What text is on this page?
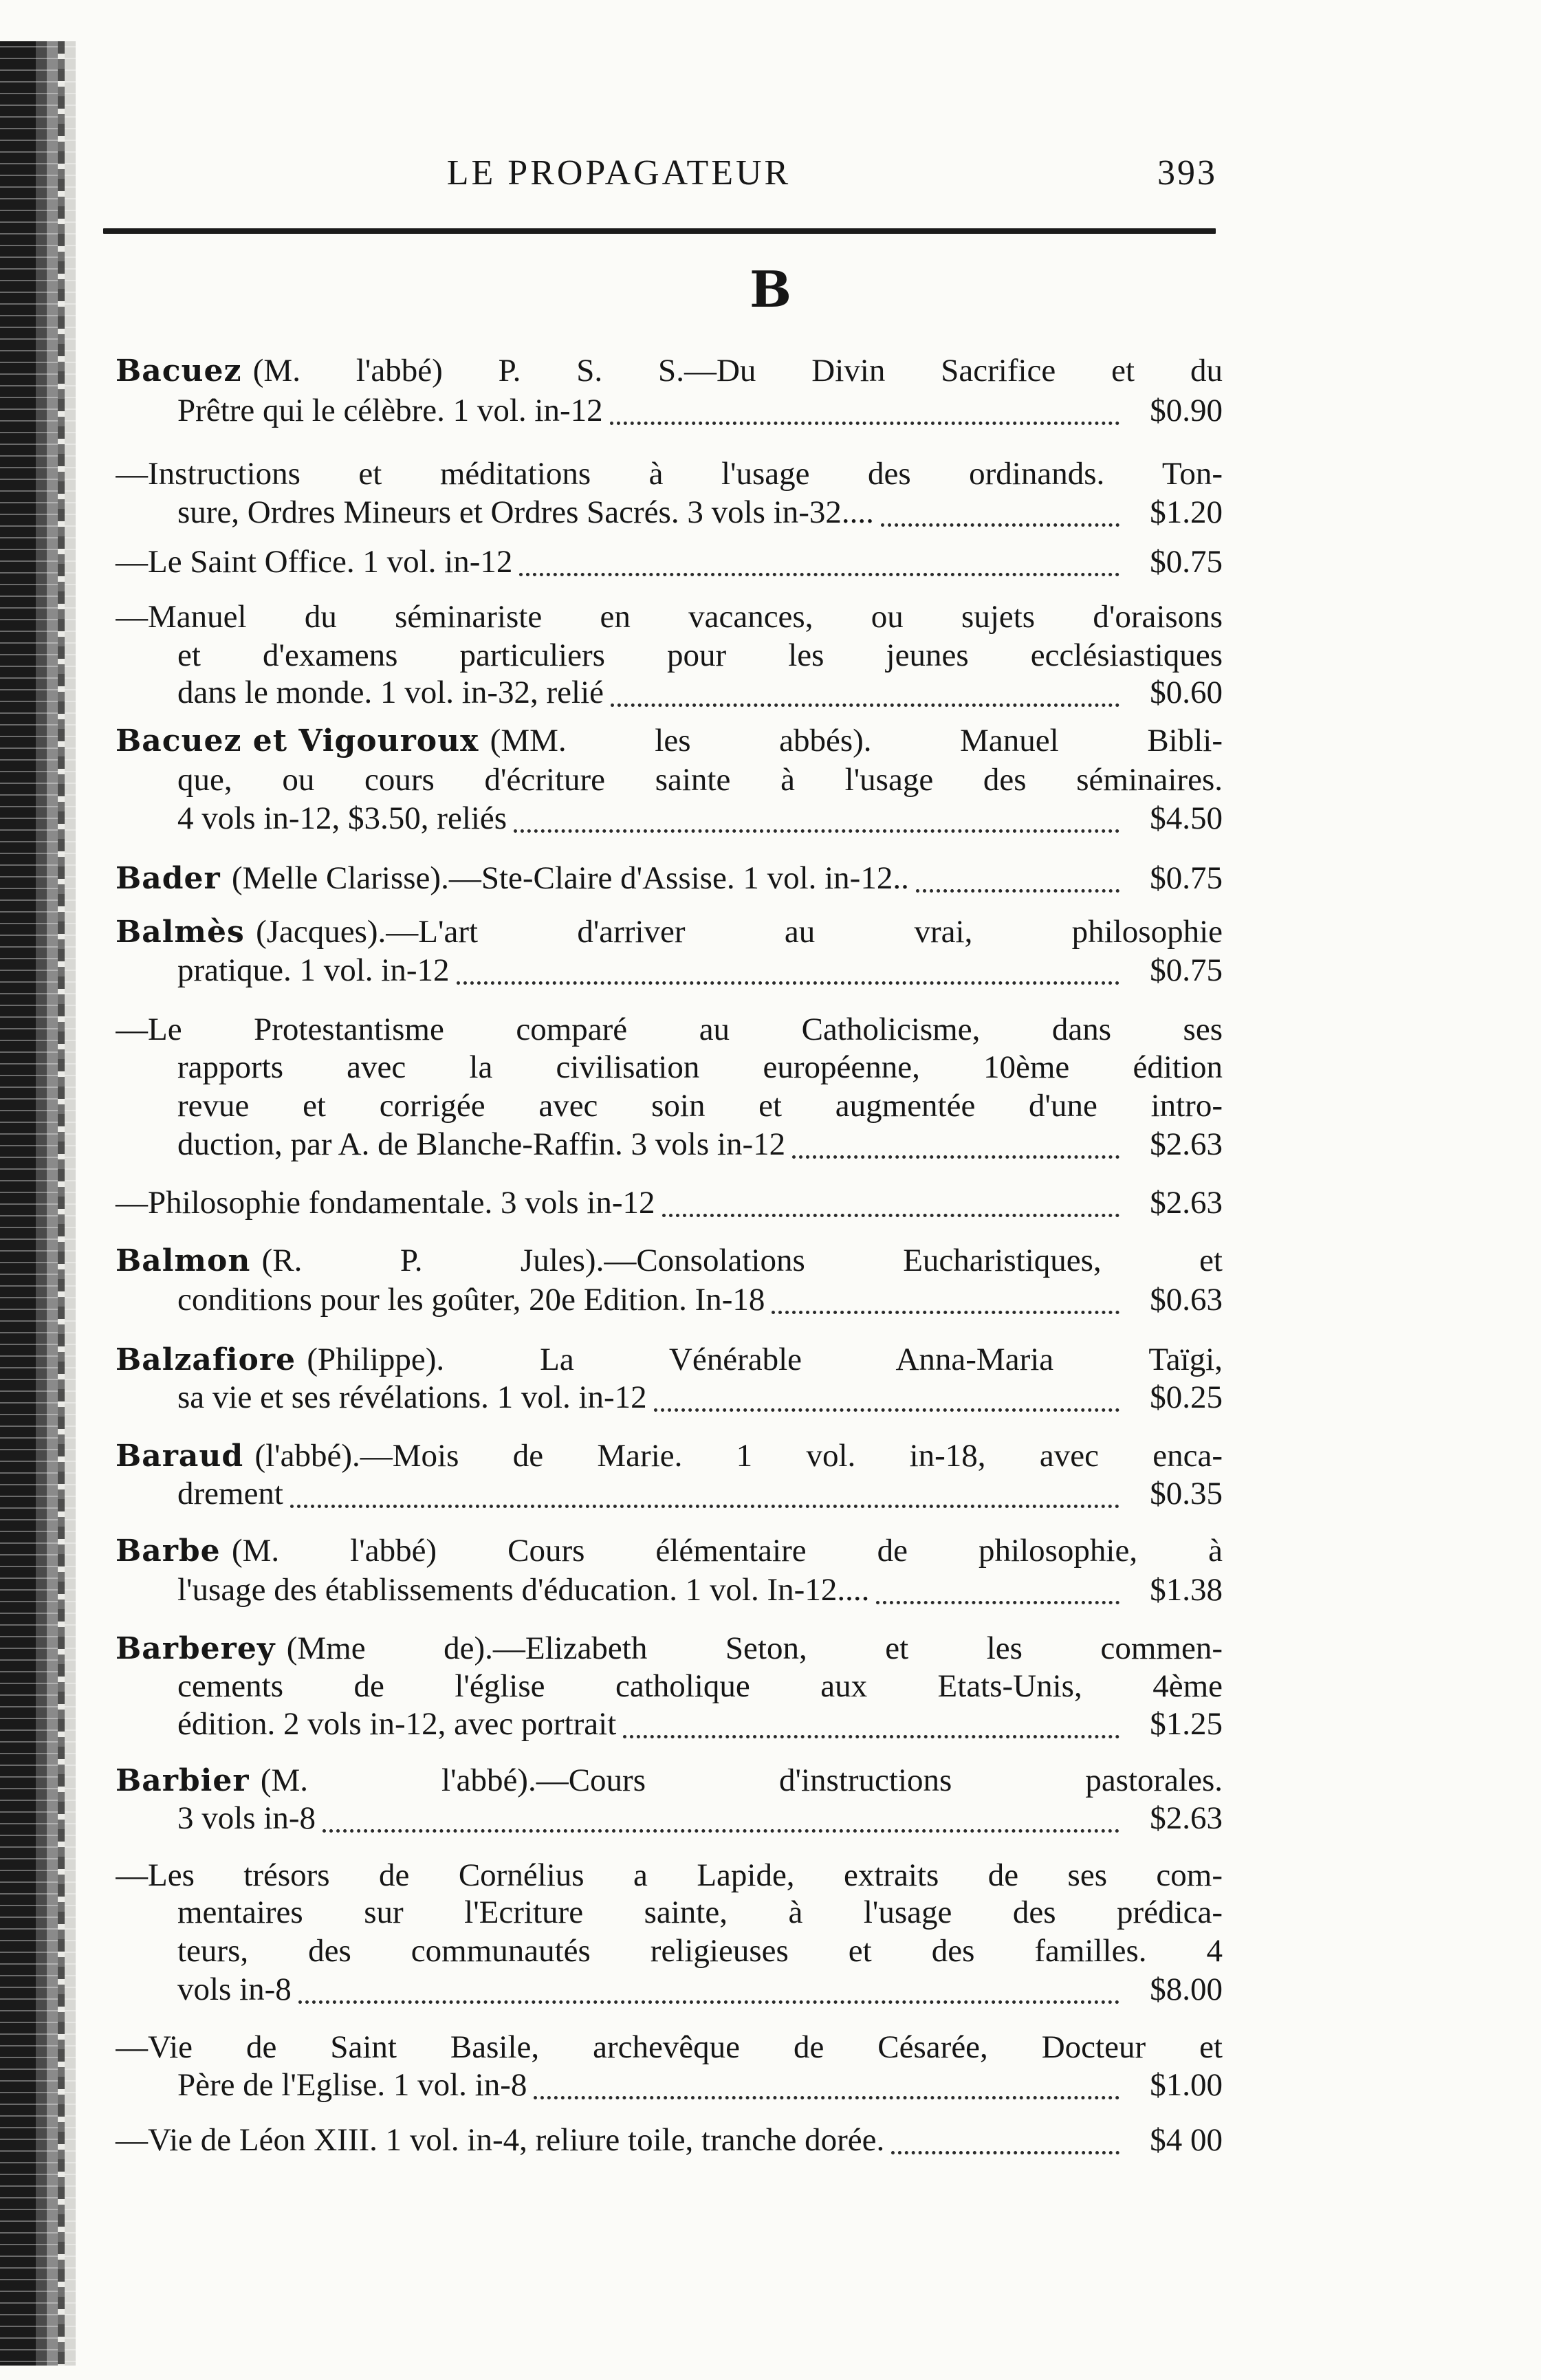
LE PROPAGATEUR	393
B
Bacuez (M. l'abbé) P. S. S.—Du Divin Sacrifice et du
Prêtre qui le célèbre. 1 vol. in-12	$0.90
—Instructions et méditations à l'usage des ordinands. Ton-
sure, Ordres Mineurs et Ordres Sacrés. 3 vols in-32....	$1.20
—Le Saint Office. 1 vol. in-12	$0.75
—Manuel du séminariste en vacances, ou sujets d'oraisons
et d'examens particuliers pour les jeunes ecclésiastiques
dans le monde. 1 vol. in-32, relié	$0.60
Bacuez et Vigouroux (MM. les abbés). Manuel Bibli-
que, ou cours d'écriture sainte à l'usage des séminaires.
4 vols in-12, $3.50, reliés	$4.50
Bader (Melle Clarisse).—Ste-Claire d'Assise. 1 vol. in-12..	$0.75
Balmès (Jacques).—L'art d'arriver au vrai, philosophie
pratique. 1 vol. in-12	$0.75
—Le Protestantisme comparé au Catholicisme, dans ses
rapports avec la civilisation européenne, 10ème édition
revue et corrigée avec soin et augmentée d'une intro-
duction, par A. de Blanche-Raffin. 3 vols in-12	$2.63
—Philosophie fondamentale. 3 vols in-12	$2.63
Balmon (R. P. Jules).—Consolations Eucharistiques, et
conditions pour les goûter, 20e Edition. In-18	$0.63
Balzafiore (Philippe). La Vénérable Anna-Maria Taïgi,
sa vie et ses révélations. 1 vol. in-12	$0.25
Baraud (l'abbé).—Mois de Marie. 1 vol. in-18, avec enca-
drement	$0.35
Barbe (M. l'abbé) Cours élémentaire de philosophie, à
l'usage des établissements d'éducation. 1 vol. In-12....	$1.38
Barberey (Mme de).—Elizabeth Seton, et les commen-
cements de l'église catholique aux Etats-Unis, 4ème
édition. 2 vols in-12, avec portrait	$1.25
Barbier (M. l'abbé).—Cours d'instructions pastorales.
3 vols in-8	$2.63
—Les trésors de Cornélius a Lapide, extraits de ses com-
mentaires sur l'Ecriture sainte, à l'usage des prédica-
teurs, des communautés religieuses et des familles. 4
vols in-8	$8.00
—Vie de Saint Basile, archevêque de Césarée, Docteur et
Père de l'Eglise. 1 vol. in-8	$1.00
—Vie de Léon XIII. 1 vol. in-4, reliure toile, tranche dorée.	$4 00
